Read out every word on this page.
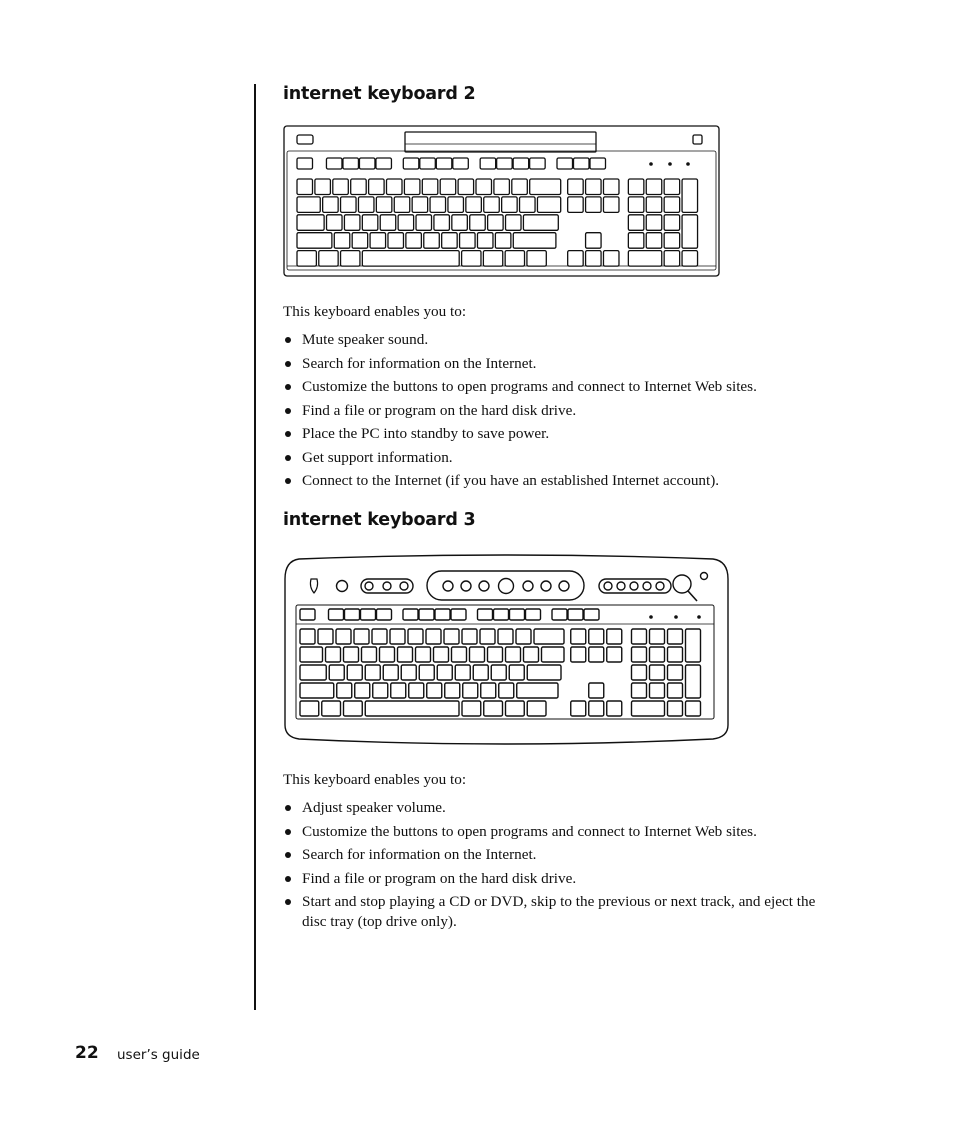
internet keyboard 2

This keyboard enables you to:

Mute speaker sound.
Search for information on the Internet.
Customize the buttons to open programs and connect to Internet Web sites.
Find a file or program on the hard disk drive.
Place the PC into standby to save power.
Get support information.
Connect to the Internet (if you have an established Internet account).
internet keyboard 3

This keyboard enables you to:

Adjust speaker volume.
Customize the buttons to open programs and connect to Internet Web sites.
Search for information on the Internet.
Find a file or program on the hard disk drive.
Start and stop playing a CD or DVD, skip to the previous or next track, and eject the disc tray (top drive only).
22 user’s guide
